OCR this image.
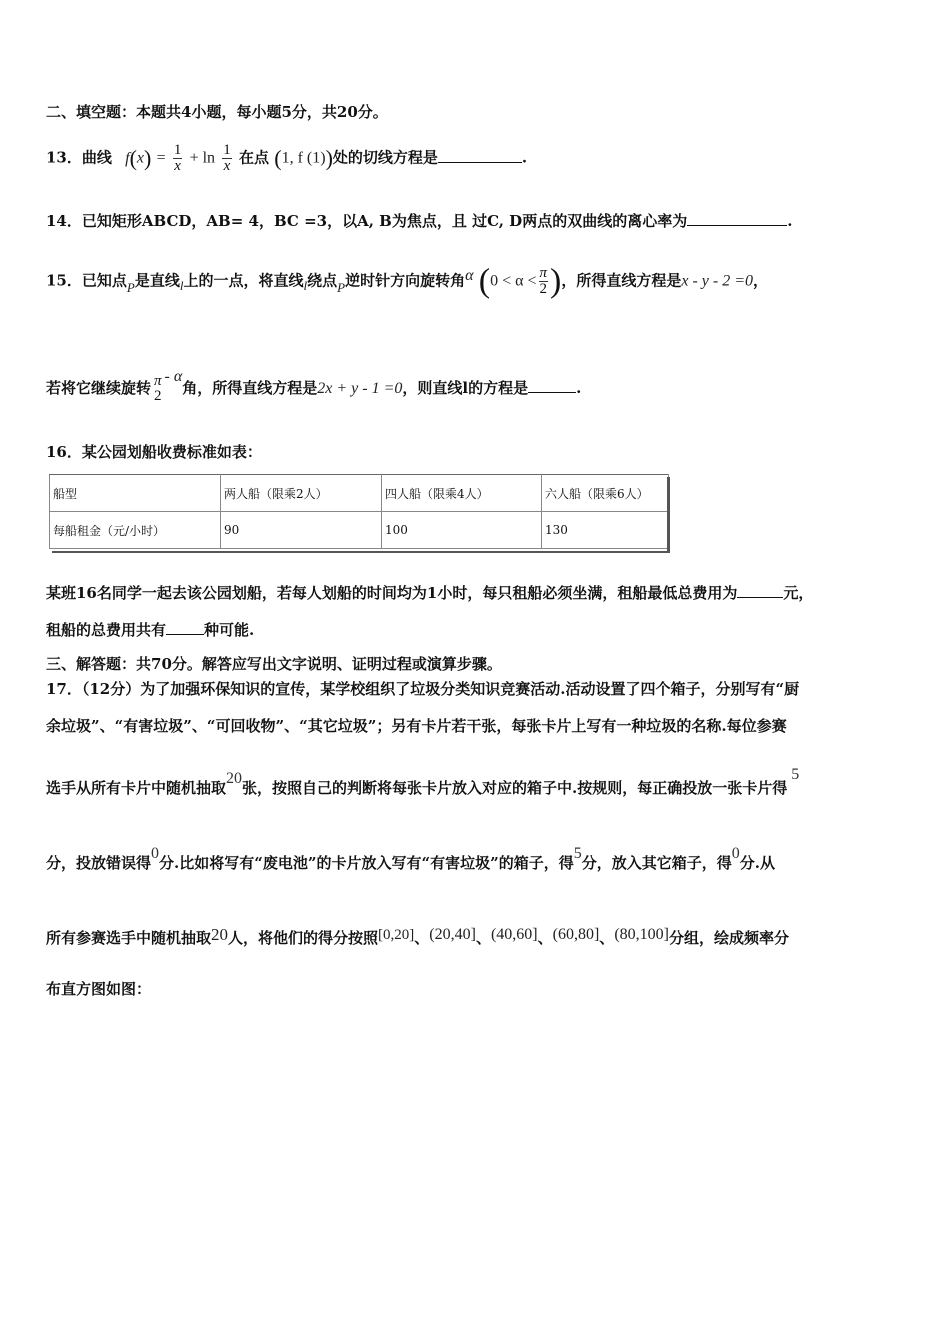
二、填空题：本题共4小题，每小题5分，共20分。
13．曲线 $f(x) = \frac{1}{x} + \ln \frac{1}{x}$ 在点 (1, f (1))处的切线方程是	.
14．已知矩形ABCD，AB= 4，BC =3，以A, B为焦点，且 过C, D两点的双曲线的离心率为	.
15．已知点P是直线l上的一点，将直线l绕点P逆时针方向旋转角α ($0 < \alpha < \frac{\pi}{2}$ )，所得直线方程是x - y - 2 =0，
若将它继续旋转 π
2
- α角，所得直线方程是2x + y - 1 =0，则直线l的方程是	.
16．某公园划船收费标准如表：
船型	两人船（限乘2人）	四人船（限乘4人）	六人船（限乘6人）
每船租金（元/小时）	90	100	130
某班16名同学一起去该公园划船，若每人划船的时间均为1小时，每只租船必须坐满，租船最低总费用为	元，
租船的总费用共有	种可能.
三、解答题：共70分。解答应写出文字说明、证明过程或演算步骤。
17．（12分）为了加强环保知识的宣传，某学校组织了垃圾分类知识竞赛活动.活动设置了四个箱子，分别写有“厨
余垃圾”、“有害垃圾”、“可回收物”、“其它垃圾”；另有卡片若干张，每张卡片上写有一种垃圾的名称.每位参赛
选手从所有卡片中随机抽取20张，按照自己的判断将每张卡片放入对应的箱子中.按规则，每正确投放一张卡片得5
分，投放错误得0分.比如将写有“废电池”的卡片放入写有“有害垃圾”的箱子，得5分，放入其它箱子，得0分.从
所有参赛选手中随机抽取20人，将他们的得分按照[0,20]、(20,40]、(40,60]、(60,80]、(80,100]分组，绘成频率分
布直方图如图：
